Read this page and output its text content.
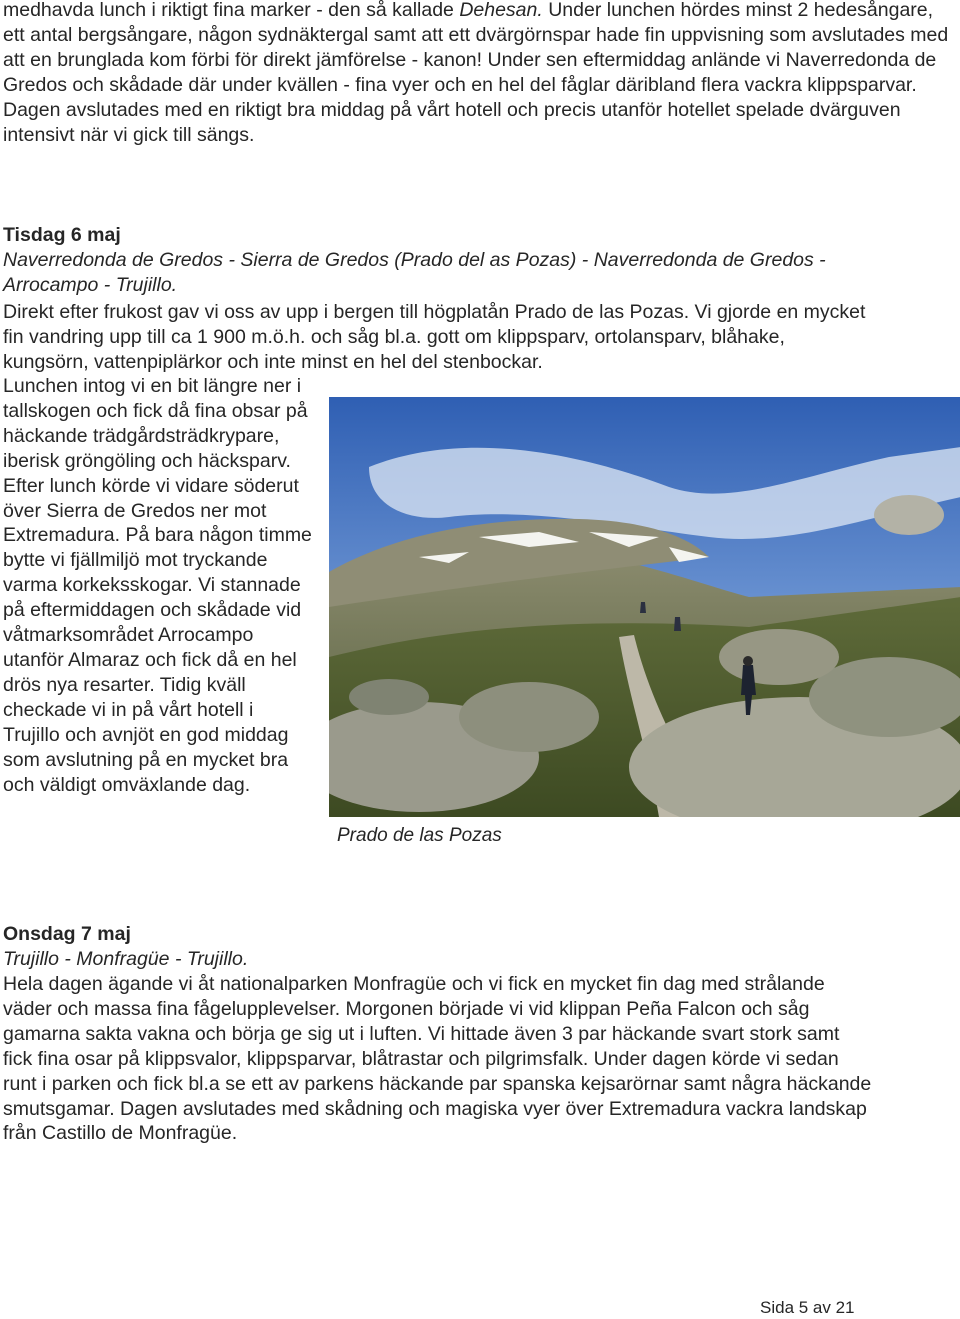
medhavda lunch i riktigt fina marker - den så kallade Dehesan. Under lunchen hördes minst 2 hedesångare, ett antal bergsångare, någon sydnäktergal samt att ett dvärgörnspar hade fin uppvisning som avslutades med att en brunglada kom förbi för direkt jämförelse - kanon! Under sen eftermiddag anlände vi Naverredonda de Gredos och skådade där under kvällen - fina vyer och en hel del fåglar däribland flera vackra klippsparvar. Dagen avslutades med en riktigt bra middag på vårt hotell och precis utanför hotellet spelade dvärguven intensivt när vi gick till sängs.

Tisdag 6 maj

Naverredonda de Gredos - Sierra de Gredos (Prado del as Pozas) - Naverredonda de Gredos - Arrocampo - Trujillo.

Direkt efter frukost gav vi oss av upp i bergen till högplatån Prado de las Pozas. Vi gjorde en mycket fin vandring upp till ca 1 900 m.ö.h. och såg bl.a. gott om klippsparv, ortolansparv, blåhake, kungsörn, vattenpiplärkor och inte minst en hel del stenbockar.

Lunchen intog vi en bit längre ner i tallskogen och fick då fina obsar på häckande trädgårdsträdkrypare, iberisk gröngöling och häcksparv. Efter lunch körde vi vidare söderut över Sierra de Gredos ner mot Extremadura. På bara någon timme bytte vi fjällmiljö mot tryckande varma korkeksskogar. Vi stannade på eftermiddagen och skådade vid våtmarksområdet Arrocampo utanför Almaraz och fick då en hel drös nya resarter. Tidig kväll checkade vi in på vårt hotell i Trujillo och avnjöt en god middag som avslutning på en mycket bra och väldigt omväxlande dag.

Prado de las Pozas

Onsdag 7 maj

Trujillo - Monfragüe - Trujillo.

Hela dagen ägande vi åt nationalparken Monfragüe och vi fick en mycket fin dag med strålande väder och massa fina fågelupplevelser. Morgonen började vi vid klippan Peña Falcon och såg gamarna sakta vakna och börja ge sig ut i luften. Vi hittade även 3 par häckande svart stork samt fick fina osar på klippsvalor, klippsparvar, blåtrastar och pilgrimsfalk. Under dagen körde vi sedan runt i parken och fick bl.a se ett av parkens häckande par spanska kejsarörnar samt några häckande smutsgamar. Dagen avslutades med skådning och magiska vyer över Extremadura vackra landskap från Castillo de Monfragüe.

Sida 5 av 21
